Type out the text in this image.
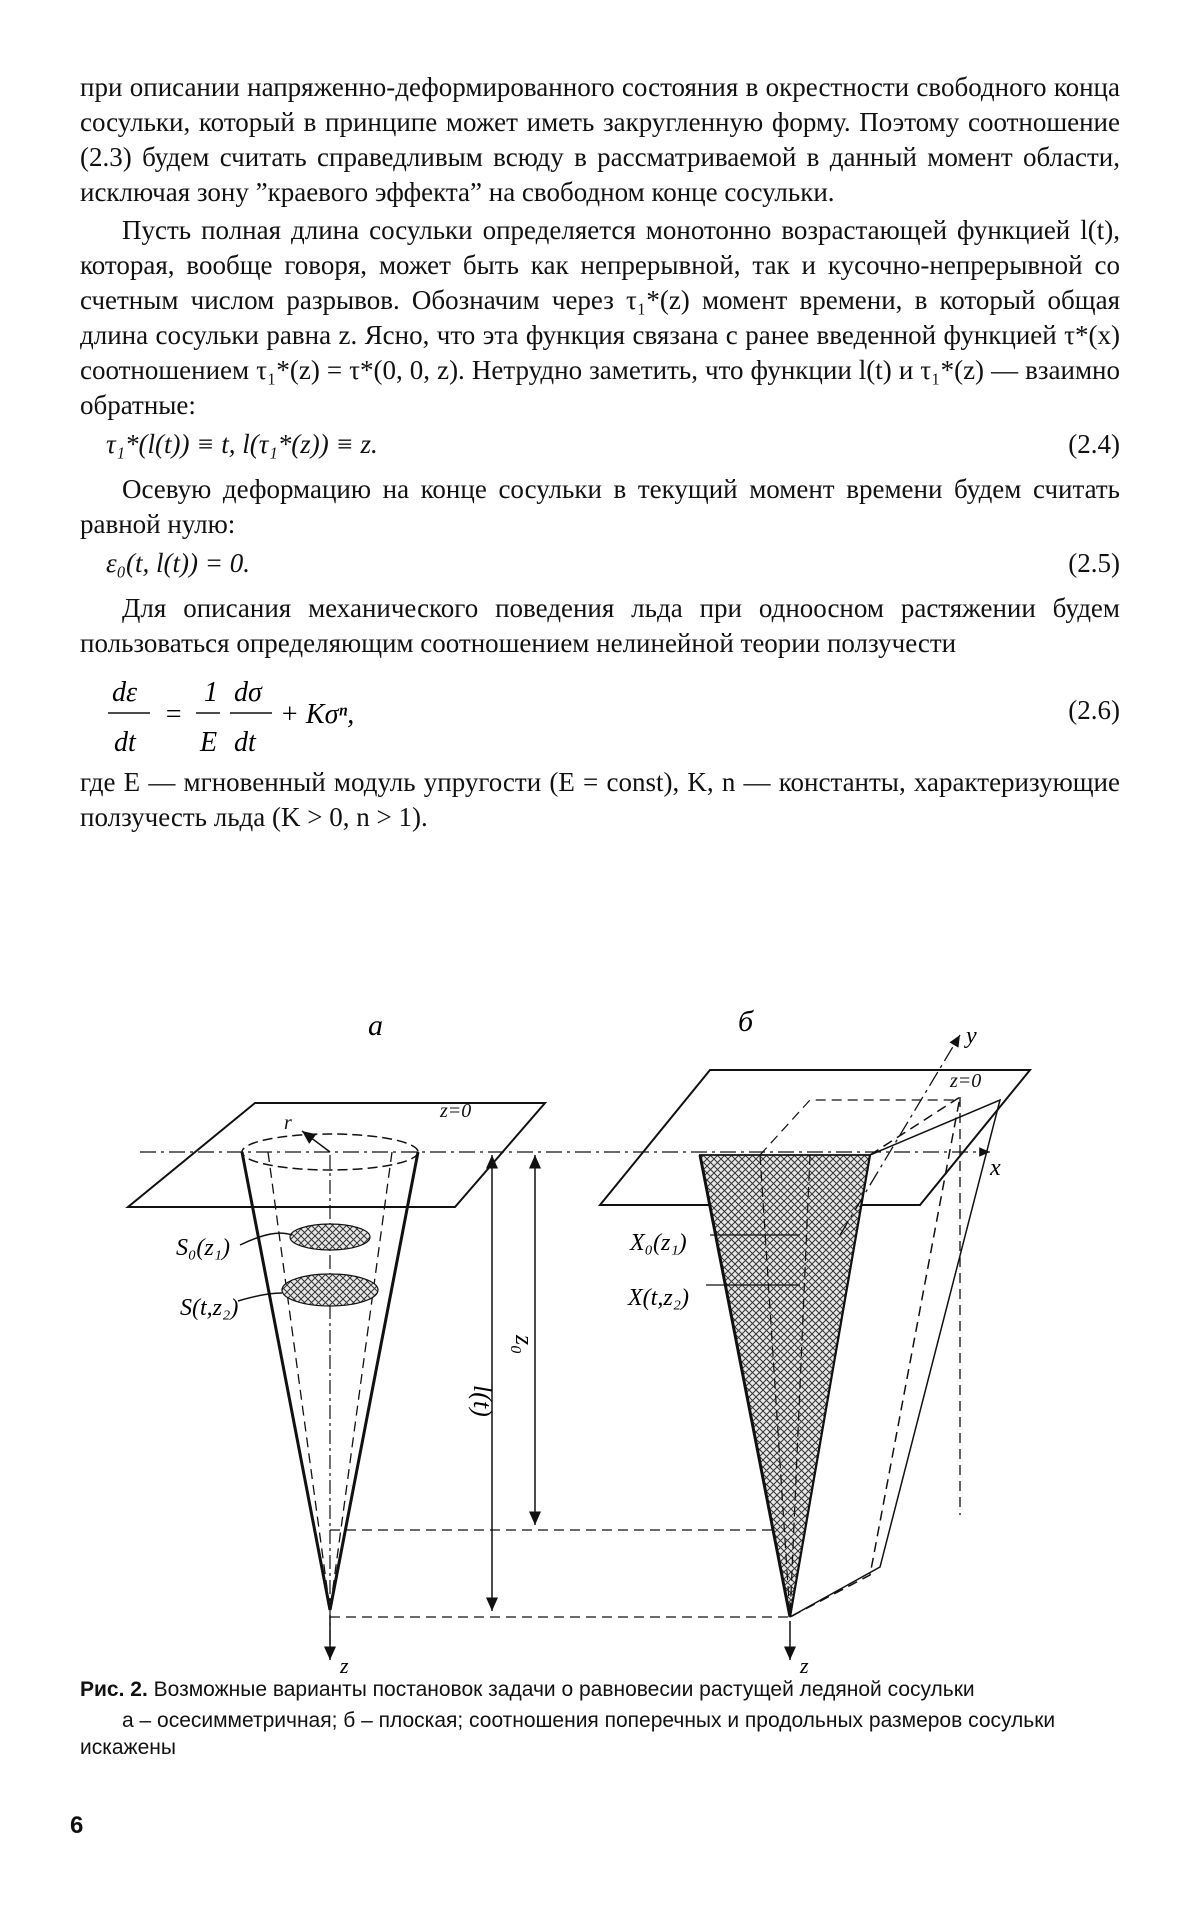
при описании напряженно-деформированного состояния в окрестности свободного конца сосульки, который в принципе может иметь закругленную форму. Поэтому соотношение (2.3) будем считать справедливым всюду в рассматриваемой в данный момент области, исключая зону ”краевого эффекта” на свободном конце сосульки.

Пусть полная длина сосульки определяется монотонно возрастающей функцией l(t), которая, вообще говоря, может быть как непрерывной, так и кусочно-непрерывной со счетным числом разрывов. Обозначим через τ₁*(z) момент времени, в который общая длина сосульки равна z. Ясно, что эта функция связана с ранее введенной функцией τ*(x) соотношением τ₁*(z) = τ*(0, 0, z). Нетрудно заметить, что функции l(t) и τ₁*(z) — взаимно обратные:

τ₁*(l(t)) ≡ t, l(τ₁*(z)) ≡ z.	(2.4)

Осевую деформацию на конце сосульки в текущий момент времени будем считать равной нулю:

ε₀(t, l(t)) = 0.	(2.5)

Для описания механического поведения льда при одноосном растяжении будем пользоваться определяющим соотношением нелинейной теории ползучести

dε
dt
=
1
E
dσ
dt
+ Kσⁿ,	(2.6)

где E — мгновенный модуль упругости (E = const), K, n — константы, характеризующие ползучесть льда (K > 0, n > 1).

а	б
z=0
r
S₀(z₁)
S(t,z₂)
z
x
z₀
l(t)
z=0
y
X₀(z₁)
X(t,z₂)
z
Рис. 2. Возможные варианты постановок задачи о равновесии растущей ледяной сосульки
а – осесимметричная; б – плоская; соотношения поперечных и продольных размеров сосульки искажены
6
